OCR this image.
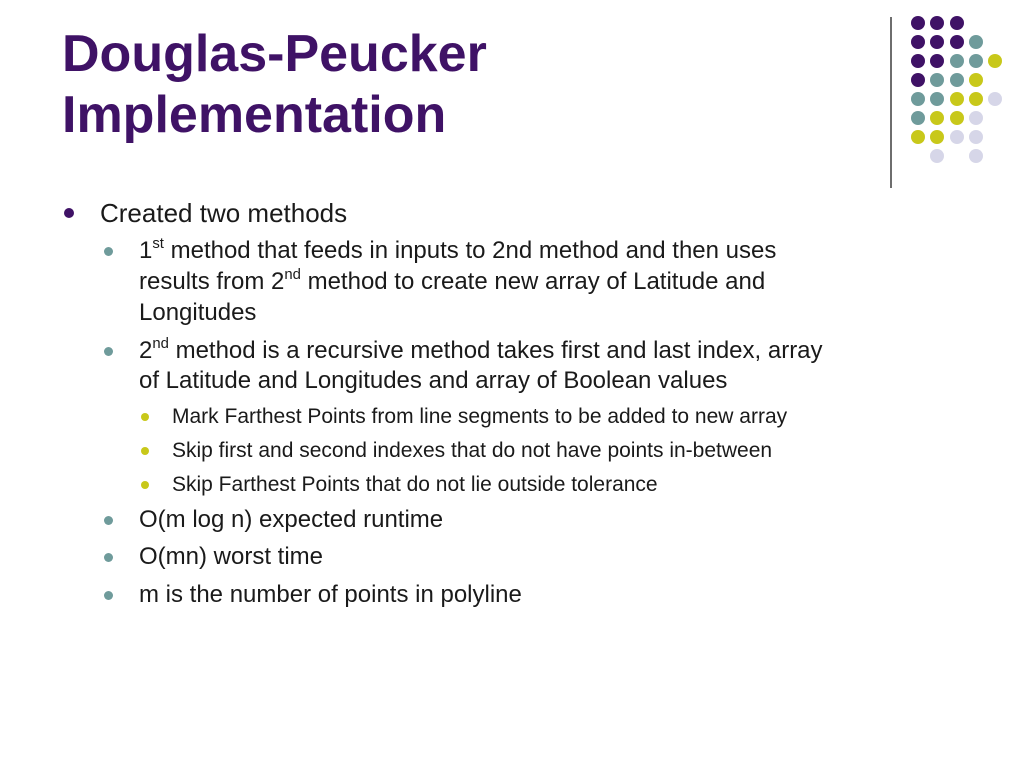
Douglas-Peucker
Implementation
Created two methods
1st method that feeds in inputs to 2nd method and then uses
results from 2nd method to create new array of Latitude and
Longitudes
2nd method is a recursive method takes first and last index, array
of Latitude and Longitudes and array of Boolean values
Mark Farthest Points from line segments to be added to new array
Skip first and second indexes that do not have points in-between
Skip Farthest Points that do not lie outside tolerance
O(m log n) expected runtime
O(mn) worst time
m is the number of points in polyline
